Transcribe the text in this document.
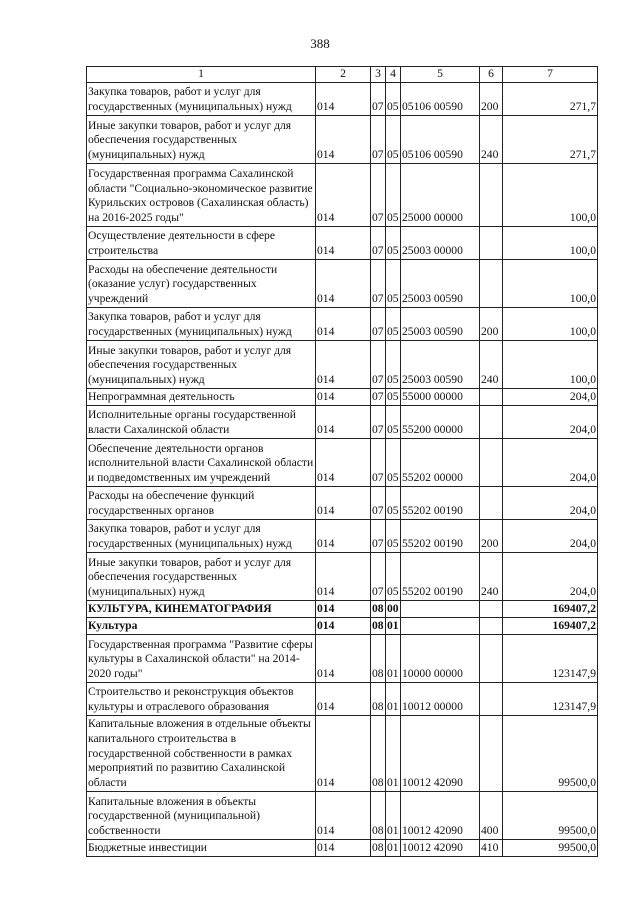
388
1	2	3	4	5	6	7
Закупка товаров, работ и услуг для государственных (муниципальных) нужд	014	07	05	05106 00590	200	271,7
Иные закупки товаров, работ и услуг для обеспечения государственных (муниципальных) нужд	014	07	05	05106 00590	240	271,7
Государственная программа Сахалинской области "Социально-экономическое развитие Курильских островов (Сахалинская область) на 2016-2025 годы"	014	07	05	25000 00000		100,0
Осуществление деятельности в сфере строительства	014	07	05	25003 00000		100,0
Расходы на обеспечение деятельности (оказание услуг) государственных учреждений	014	07	05	25003 00590		100,0
Закупка товаров, работ и услуг для государственных (муниципальных) нужд	014	07	05	25003 00590	200	100,0
Иные закупки товаров, работ и услуг для обеспечения государственных (муниципальных) нужд	014	07	05	25003 00590	240	100,0
Непрограммная деятельность	014	07	05	55000 00000		204,0
Исполнительные органы государственной власти Сахалинской области	014	07	05	55200 00000		204,0
Обеспечение деятельности органов исполнительной власти Сахалинской области и подведомственных им учреждений	014	07	05	55202 00000		204,0
Расходы на обеспечение функций государственных органов	014	07	05	55202 00190		204,0
Закупка товаров, работ и услуг для государственных (муниципальных) нужд	014	07	05	55202 00190	200	204,0
Иные закупки товаров, работ и услуг для обеспечения государственных (муниципальных) нужд	014	07	05	55202 00190	240	204,0
КУЛЬТУРА, КИНЕМАТОГРАФИЯ	014	08	00			169407,2
Культура	014	08	01			169407,2
Государственная программа "Развитие сферы культуры в Сахалинской области" на 2014-2020 годы"	014	08	01	10000 00000		123147,9
Строительство и реконструкция объектов культуры и отраслевого образования	014	08	01	10012 00000		123147,9
Капитальные вложения в отдельные объекты капитального строительства в государственной собственности в рамках мероприятий по развитию Сахалинской области	014	08	01	10012 42090		99500,0
Капитальные вложения в объекты государственной (муниципальной) собственности	014	08	01	10012 42090	400	99500,0
Бюджетные инвестиции	014	08	01	10012 42090	410	99500,0
